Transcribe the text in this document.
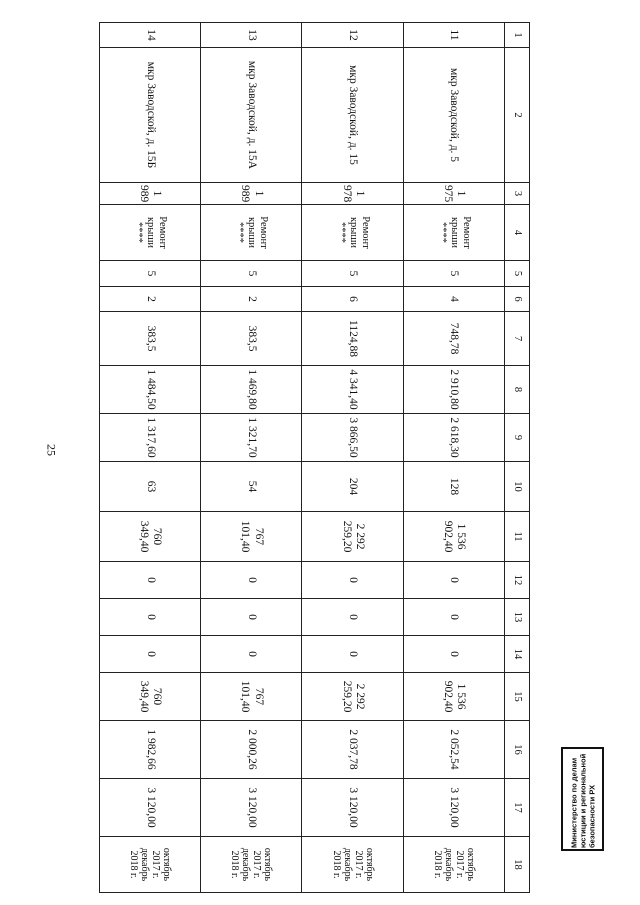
25
1	2	3	4	5	6	7	8	9	10	11	12	13	14	15	16	17	18
11	мкр Заводской, д. 5	1 975	Ремонт крыши ****	5	4	748,78	2 910,80	2 618,30	128	1 536 902,40	0	0	0	1 536 902,40	2 052,54	3 120,00	октябрь 2017 г.
декабрь 2018 г.
12	мкр Заводской, д. 15	1 978	Ремонт крыши ****	5	6	1124,88	4 341,40	3 866,50	204	2 292 259,20	0	0	0	2 292 259,20	2 037,78	3 120,00	октябрь 2017 г.
декабрь 2018 г.
13	мкр Заводской, д. 15А	1 989	Ремонт крыши ****	5	2	383,5	1 469,80	1 321,70	54	767 101,40	0	0	0	767 101,40	2 000,26	3 120,00	октябрь 2017 г.
декабрь 2018 г.
14	мкр Заводской, д. 15Б	1 989	Ремонт крыши ****	5	2	383,5	1 484,50	1 317,60	63	760 349,40	0	0	0	760 349,40	1 982,66	3 120,00	октябрь 2017 г.
декабрь 2018 г.
Министерство по делам юстиции и региональной безопасности РХ
